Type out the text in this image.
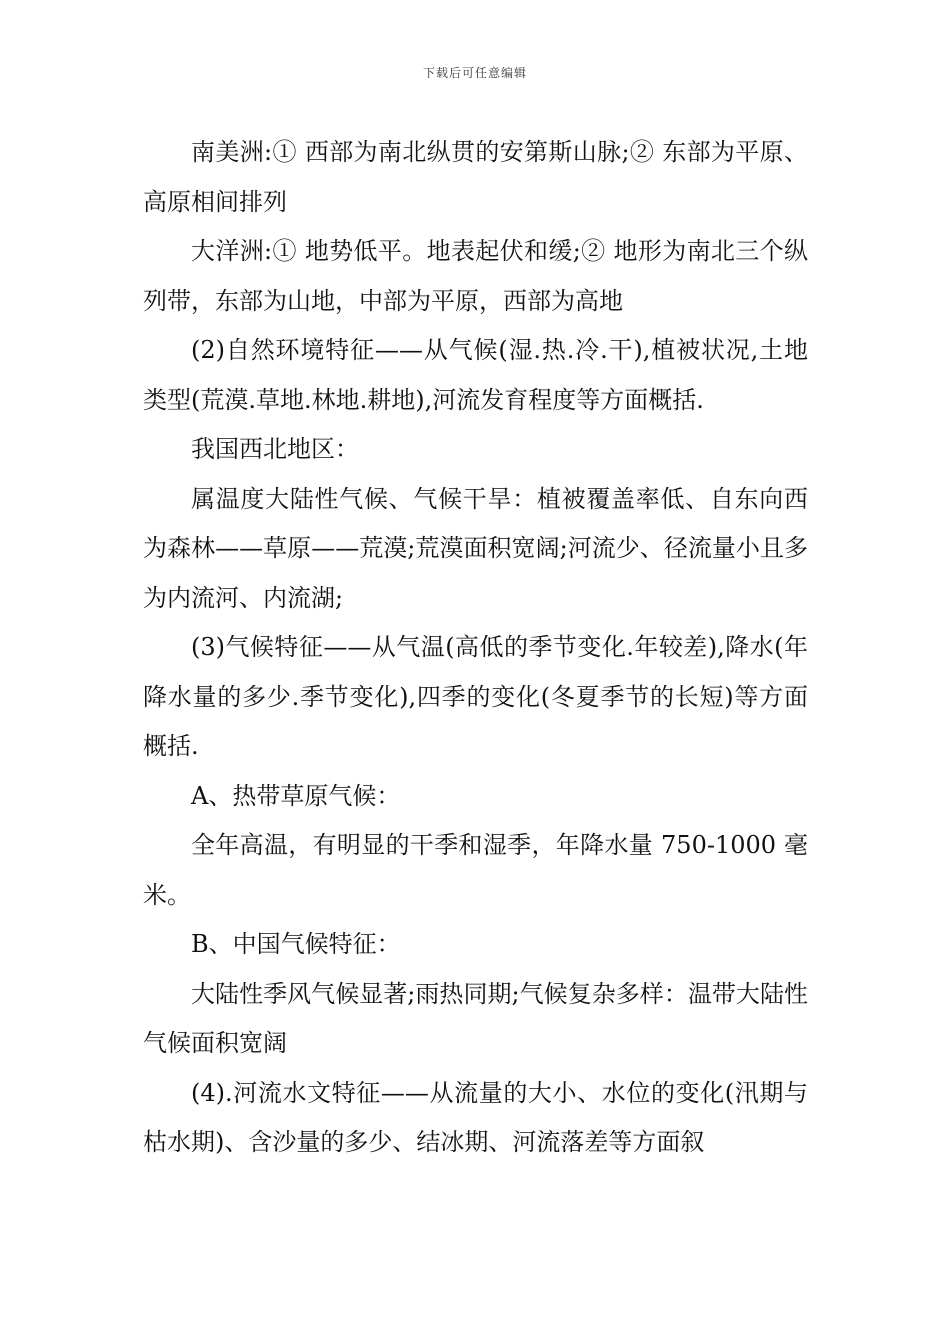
下载后可任意编辑

南美洲:① 西部为南北纵贯的安第斯山脉;② 东部为平原、高原相间排列

大洋洲:① 地势低平。地表起伏和缓;② 地形为南北三个纵列带，东部为山地，中部为平原，西部为高地

(2)自然环境特征——从气候(湿.热.冷.干),植被状况,土地类型(荒漠.草地.林地.耕地),河流发育程度等方面概括.

我国西北地区：

属温度大陆性气候、气候干旱：植被覆盖率低、自东向西为森林——草原——荒漠;荒漠面积宽阔;河流少、径流量小且多为内流河、内流湖;

(3)气候特征——从气温(高低的季节变化.年较差),降水(年降水量的多少.季节变化),四季的变化(冬夏季节的长短)等方面概括.

A、热带草原气候：

全年高温，有明显的干季和湿季，年降水量 750-1000 毫米。

B、中国气候特征：

大陆性季风气候显著;雨热同期;气候复杂多样：温带大陆性气候面积宽阔

(4).河流水文特征——从流量的大小、水位的变化(汛期与枯水期)、含沙量的多少、结冰期、河流落差等方面叙
